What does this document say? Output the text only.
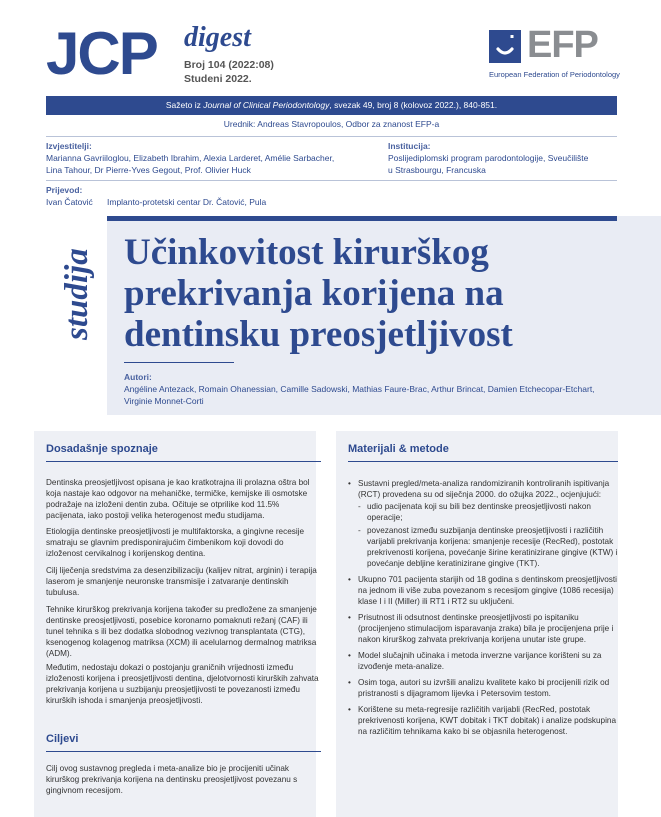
JCP digest
Broj 104 (2022:08)
Studeni 2022.
EFP
European Federation of Periodontology
Sažeto iz Journal of Clinical Periodontology, svezak 49, broj 8 (kolovoz 2022.), 840-851.
Urednik: Andreas Stavropoulos, Odbor za znanost EFP-a
Izvjestitelji:
Marianna Gavriiloglou, Elizabeth Ibrahim, Alexia Larderet, Amélie Sarbacher,
Lina Tahour, Dr Pierre-Yves Gegout, Prof. Olivier Huck
Institucija:
Poslijediplomski program parodontologije, Sveučilište
u Strasbourgu, Francuska
Prijevod:
Ivan Čatović Implanto-protetski centar Dr. Čatović, Pula
studija Učinkovitost kirurškog prekrivanja korijena na dentinsku preosjetljivost
Autori:
Angéline Antezack, Romain Ohanessian, Camille Sadowski, Mathias Faure-Brac, Arthur Brincat, Damien Etchecopar-Etchart, Virginie Monnet-Corti
Dosadašnje spoznaje
Dentinska preosjetljivost opisana je kao kratkotrajna ili prolazna oštra bol koja nastaje kao odgovor na mehaničke, termičke, kemijske ili osmotske podražaje na izloženi dentin zuba. Očituje se otprilike kod 11.5% pacijenata, iako postoji velika heterogenost među studijama.
Etiologija dentinske preosjetljivosti je multifaktorska, a gingivne recesije smatraju se glavnim predisponirajućim čimbenikom koji dovodi do izloženost cervikalnog i korijenskog dentina.
Cilj liječenja sredstvima za desenzibilizaciju (kalijev nitrat, arginin) i terapija laserom je smanjenje neuronske transmisije i zatvaranje dentinskih tubulusa.
Tehnike kirurškog prekrivanja korijena također su predložene za smanjenje dentinske preosjetljivosti, posebice koronarno pomaknuti režanj (CAF) ili tunel tehnika s ili bez dodatka slobodnog vezivnog transplantata (CTG), ksenogenog kolagenog matriksa (XCM) ili acelularnog dermalnog matriksa (ADM).
Međutim, nedostaju dokazi o postojanju graničnih vrijednosti između izloženosti korijena i preosjetljivosti dentina, djelotvornosti kirurških zahvata prekrivanja korijena u suzbijanju preosjetljivosti te povezanosti između kirurških ishoda i smanjenja preosjetljivosti.
Ciljevi
Cilj ovog sustavnog pregleda i meta-analize bio je procijeniti učinak kirurškog prekrivanja korijena na dentinsku preosjetljivost povezanu s gingivnom recesijom.
Materijali & metode
• Sustavni pregled/meta-analiza randomiziranih kontroliranih ispitivanja (RCT) provedena su od siječnja 2000. do ožujka 2022., ocjenjujući:
- udio pacijenata koji su bili bez dentinske preosjetljivosti nakon operacije;
- povezanost između suzbijanja dentinske preosjetljivosti i različitih varijabli prekrivanja korijena: smanjenje recesije (RecRed), postotak prekrivenosti korijena, povećanje širine keratinizirane gingive (KTW) i povećanje debljine keratinizirane gingive (TKT).
• Ukupno 701 pacijenta starijih od 18 godina s dentinskom preosjetljivosti na jednom ili više zuba povezanom s recesijom gingive (1086 recesija) klase I i II (Miller) ili RT1 i RT2 su uključeni.
• Prisutnost ili odsutnost dentinske preosjetljivosti po ispitaniku (procijenjeno stimulacijom isparavanja zraka) bila je procijenjena prije i nakon kirurškog zahvata prekrivanja korijena unutar iste grupe.
• Model slučajnih učinaka i metoda inverzne varijance korišteni su za izvođenje meta-analize.
• Osim toga, autori su izvršili analizu kvalitete kako bi procijenili rizik od pristranosti s dijagramom lijevka i Petersovim testom.
• Korištene su meta-regresije različitih varijabli (RecRed, postotak prekrivenosti korijena, KWT dobitak i TKT dobitak) i analize podskupina na različitim tehnikama kako bi se objasnila heterogenost.
